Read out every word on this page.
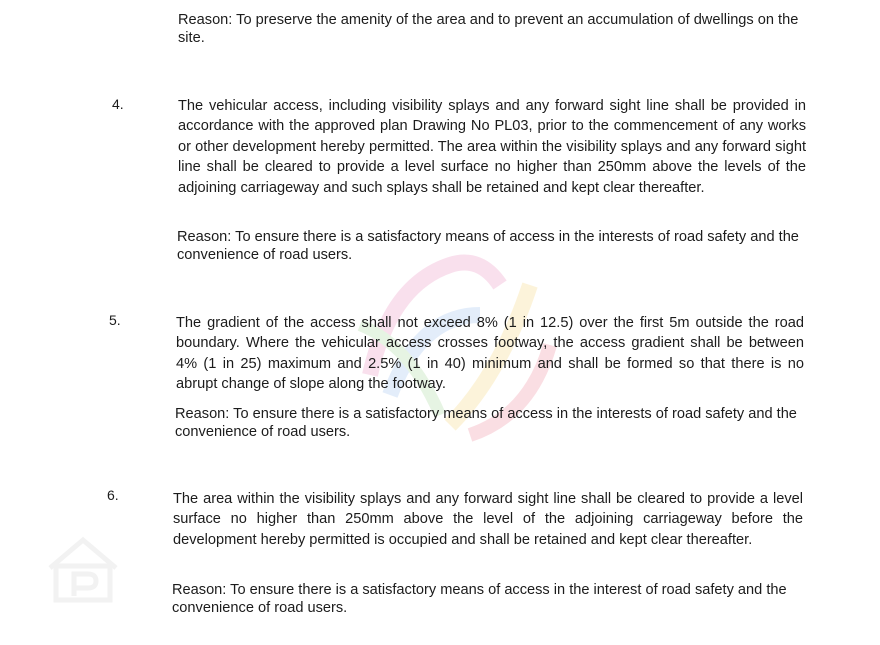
Reason: To preserve the amenity of the area and to prevent an accumulation of dwellings on the site.
4.	The vehicular access, including visibility splays and any forward sight line shall be provided in accordance with the approved plan Drawing No PL03, prior to the commencement of any works or other development hereby permitted. The area within the visibility splays and any forward sight line shall be cleared to provide a level surface no higher than 250mm above the levels of the adjoining carriageway and such splays shall be retained and kept clear thereafter.
Reason: To ensure there is a satisfactory means of access in the interests of road safety and the convenience of road users.
5.	The gradient of the access shall not exceed 8% (1 in 12.5) over the first 5m outside the road boundary. Where the vehicular access crosses footway, the access gradient shall be between 4% (1 in 25) maximum and 2.5% (1 in 40) minimum and shall be formed so that there is no abrupt change of slope along the footway.
Reason: To ensure there is a satisfactory means of access in the interests of road safety and the convenience of road users.
6.	The area within the visibility splays and any forward sight line shall be cleared to provide a level surface no higher than 250mm above the level of the adjoining carriageway before the development hereby permitted is occupied and shall be retained and kept clear thereafter.
Reason: To ensure there is a satisfactory means of access in the interest of road safety and the convenience of road users.
